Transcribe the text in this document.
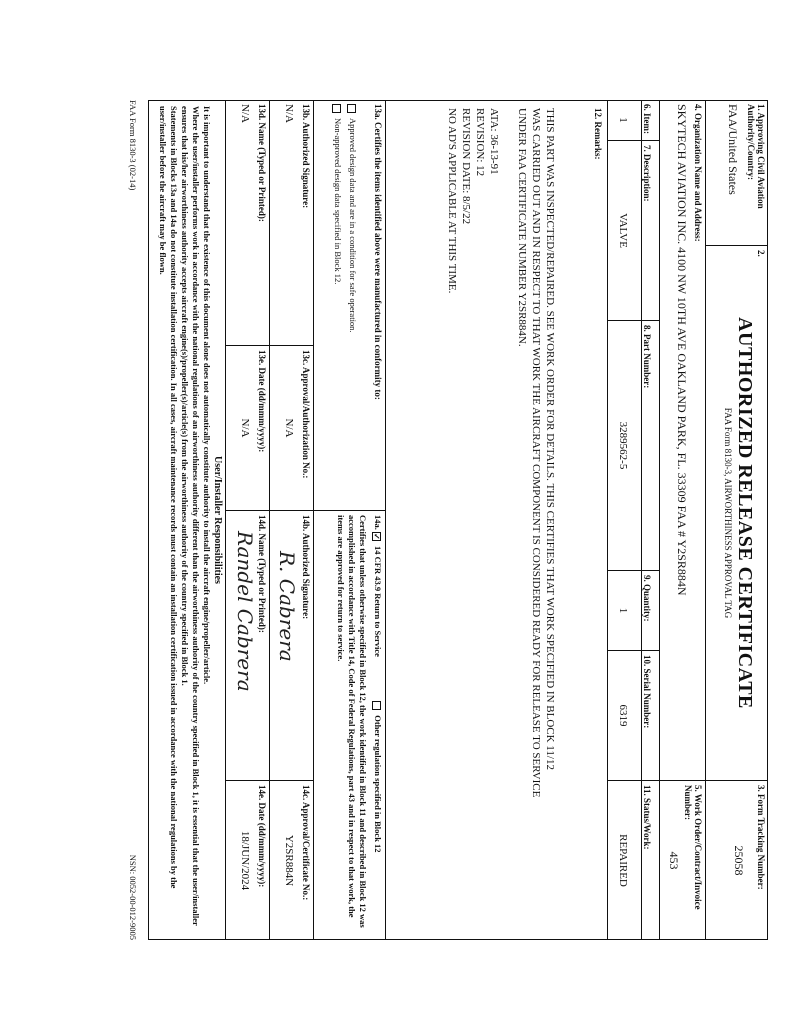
1. Approving Civil Aviation Authority/Country:
FAA/United States
2.
AUTHORIZED RELEASE CERTIFICATE
FAA Form 8130-3, AIRWORTHINESS APPROVAL TAG
3. Form Tracking Number:
25058
4. Organization Name and Address:
SKYTECH AVIATION INC. 4100 NW 10TH AVE OAKLAND PARK, FL. 33309 FAA # Y2SR884N
5. Work Order/Contract/Invoice Number:
453
6. Item:
7. Description:
8. Part Number:
9. Quantity:
10. Serial Number:
11. Status/Work:
1
VALVE
3289562-5
1
6319
REPAIRED
12. Remarks:
THIS PART WAS INSPECTED/REPAIRED. SEE WORK ORDER FOR DETAILS. THIS CERTIFIES THAT WORK SPECIFIED IN BLOCK 11/12
WAS CARRIED OUT AND IN RESPECT TO THAT WORK THE AIRCRAFT COMPONENT IS CONSIDERED READY FOR RELEASE TO SERVICE
UNDER FAA CERTIFICATE NUMBER Y2SR884N.
ATA: 36-13-91
REVISION: 12
REVISION DATE: 8/5/22
NO AD'S APPLICABLE AT THIS TIME.
13a. Certifies the items identified above were manufactured in conformity to:
Approved design data and are in a condition for safe operation.
Non-approved design data specified in Block 12.
14a. ✓14 CFR 43.9 Return to Service  Other regulation specified in Block 12
Certifies that unless otherwise specified in Block 12, the work identified in Block 11 and described in Block 12 was accomplished in accordance with Title 14, Code of Federal Regulations, part 43 and in respect to that work, the items are approved for return to service.
13b. Authorized Signature:
N/A
13c. Approval/Authorization No.:
N/A
14b. Authorized Signature:
R. Cabrera
14c. Approval/Certificate No.:
Y2SR884N
13d. Name (Typed or Printed):
N/A
13e. Date (dd/mmm/yyyy):
N/A
14d. Name (Typed or Printed):
Randel Cabrera
14e. Date (dd/mmm/yyyy):
18/JUN/2024
User/Installer Responsibilities
It is important to understand that the existence of this document alone does not automatically constitute authority to install the aircraft engine/propeller/article.
Where the user/installer performs work in accordance with the national regulations of an airworthiness authority different than the airworthiness authority of the country specified in Block 1, it is essential that the user/installer ensures that his/her airworthiness authority accepts aircraft engine(s)/propeller(s)/article(s) from the airworthiness authority of the country specified in Block 1.
Statements in Blocks 13a and 14a do not constitute installation certification. In all cases, aircraft maintenance records must contain an installation certification issued in accordance with the national regulations by the user/installer before the aircraft may be flown.
FAA Form 8130-3 (02-14)
NSN: 0052-00-012-9005
